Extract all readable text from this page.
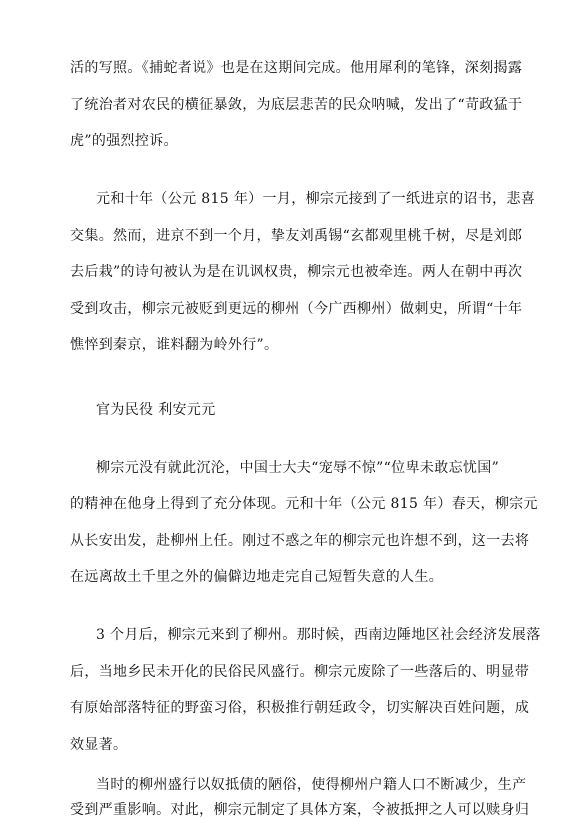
活的写照。《捕蛇者说》也是在这期间完成。他用犀利的笔锋，深刻揭露
了统治者对农民的横征暴敛，为底层悲苦的民众呐喊，发出了“苛政猛于
虎”的强烈控诉。
元和十年（公元 815 年）一月，柳宗元接到了一纸进京的诏书，悲喜
交集。然而，进京不到一个月，挚友刘禹锡“玄都观里桃千树，尽是刘郎
去后栽”的诗句被认为是在讥讽权贵，柳宗元也被牵连。两人在朝中再次
受到攻击，柳宗元被贬到更远的柳州（今广西柳州）做刺史，所谓“十年
憔悴到秦京，谁料翻为岭外行”。
官为民役 利安元元
柳宗元没有就此沉沦，中国士大夫“宠辱不惊”“位卑未敢忘忧国”
的精神在他身上得到了充分体现。元和十年（公元 815 年）春天，柳宗元
从长安出发，赴柳州上任。刚过不惑之年的柳宗元也许想不到，这一去将
在远离故土千里之外的偏僻边地走完自己短暂失意的人生。
3 个月后，柳宗元来到了柳州。那时候，西南边陲地区社会经济发展落
后，当地乡民未开化的民俗民风盛行。柳宗元废除了一些落后的、明显带
有原始部落特征的野蛮习俗，积极推行朝廷政令，切实解决百姓问题，成
效显著。
当时的柳州盛行以奴抵债的陋俗，使得柳州户籍人口不断减少，生产
受到严重影响。对此，柳宗元制定了具体方案，令被抵押之人可以赎身归
